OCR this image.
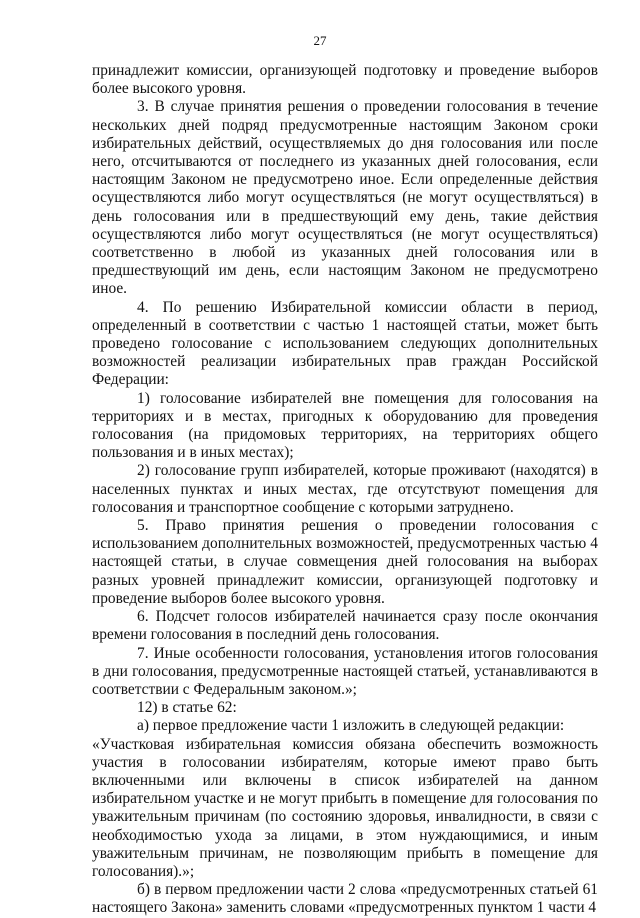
27

принадлежит комиссии, организующей подготовку и проведение выборов более высокого уровня.

3. В случае принятия решения о проведении голосования в течение нескольких дней подряд предусмотренные настоящим Законом сроки избирательных действий, осуществляемых до дня голосования или после него, отсчитываются от последнего из указанных дней голосования, если настоящим Законом не предусмотрено иное. Если определенные действия осуществляются либо могут осуществляться (не могут осуществляться) в день голосования или в предшествующий ему день, такие действия осуществляются либо могут осуществляться (не могут осуществляться) соответственно в любой из указанных дней голосования или в предшествующий им день, если настоящим Законом не предусмотрено иное.

4. По решению Избирательной комиссии области в период, определенный в соответствии с частью 1 настоящей статьи, может быть проведено голосование с использованием следующих дополнительных возможностей реализации избирательных прав граждан Российской Федерации:

1) голосование избирателей вне помещения для голосования на территориях и в местах, пригодных к оборудованию для проведения голосования (на придомовых территориях, на территориях общего пользования и в иных местах);

2) голосование групп избирателей, которые проживают (находятся) в населенных пунктах и иных местах, где отсутствуют помещения для голосования и транспортное сообщение с которыми затруднено.

5. Право принятия решения о проведении голосования с использованием дополнительных возможностей, предусмотренных частью 4 настоящей статьи, в случае совмещения дней голосования на выборах разных уровней принадлежит комиссии, организующей подготовку и проведение выборов более высокого уровня.

6. Подсчет голосов избирателей начинается сразу после окончания времени голосования в последний день голосования.

7. Иные особенности голосования, установления итогов голосования в дни голосования, предусмотренные настоящей статьей, устанавливаются в соответствии с Федеральным законом.»;

12) в статье 62:

а) первое предложение части 1 изложить в следующей редакции:

«Участковая избирательная комиссия обязана обеспечить возможность участия в голосовании избирателям, которые имеют право быть включенными или включены в список избирателей на данном избирательном участке и не могут прибыть в помещение для голосования по уважительным причинам (по состоянию здоровья, инвалидности, в связи с необходимостью ухода за лицами, в этом нуждающимися, и иным уважительным причинам, не позволяющим прибыть в помещение для голосования).»;

б) в первом предложении части 2 слова «предусмотренных статьей 61 настоящего Закона» заменить словами «предусмотренных пунктом 1 части 4
